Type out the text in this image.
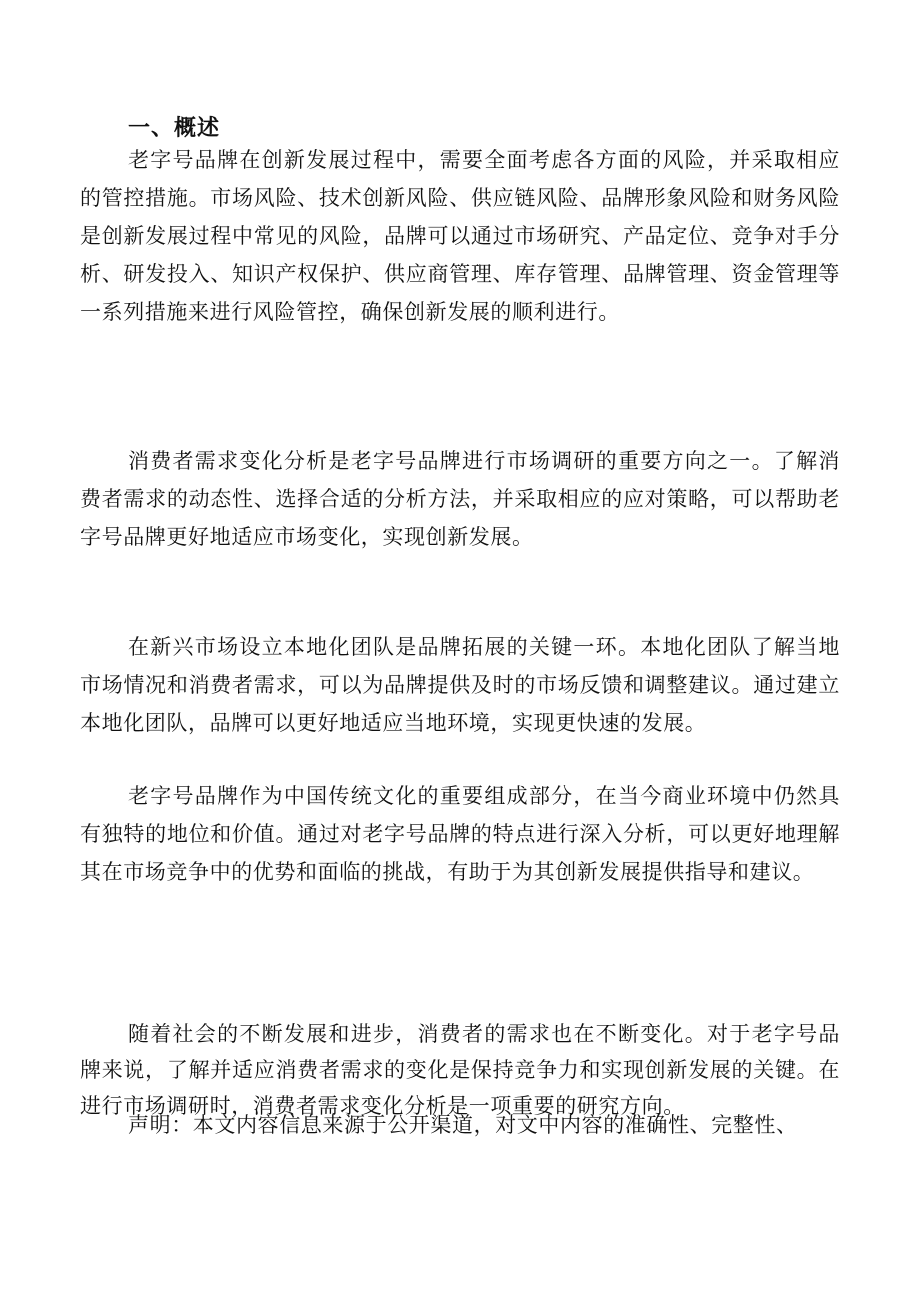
一、概述

老字号品牌在创新发展过程中，需要全面考虑各方面的风险，并采取相应的管控措施。市场风险、技术创新风险、供应链风险、品牌形象风险和财务风险是创新发展过程中常见的风险，品牌可以通过市场研究、产品定位、竞争对手分析、研发投入、知识产权保护、供应商管理、库存管理、品牌管理、资金管理等一系列措施来进行风险管控，确保创新发展的顺利进行。

消费者需求变化分析是老字号品牌进行市场调研的重要方向之一。了解消费者需求的动态性、选择合适的分析方法，并采取相应的应对策略，可以帮助老字号品牌更好地适应市场变化，实现创新发展。

在新兴市场设立本地化团队是品牌拓展的关键一环。本地化团队了解当地市场情况和消费者需求，可以为品牌提供及时的市场反馈和调整建议。通过建立本地化团队，品牌可以更好地适应当地环境，实现更快速的发展。

老字号品牌作为中国传统文化的重要组成部分，在当今商业环境中仍然具有独特的地位和价值。通过对老字号品牌的特点进行深入分析，可以更好地理解其在市场竞争中的优势和面临的挑战，有助于为其创新发展提供指导和建议。

随着社会的不断发展和进步，消费者的需求也在不断变化。对于老字号品牌来说，了解并适应消费者需求的变化是保持竞争力和实现创新发展的关键。在进行市场调研时，消费者需求变化分析是一项重要的研究方向。

声明：本文内容信息来源于公开渠道，对文中内容的准确性、完整性、
